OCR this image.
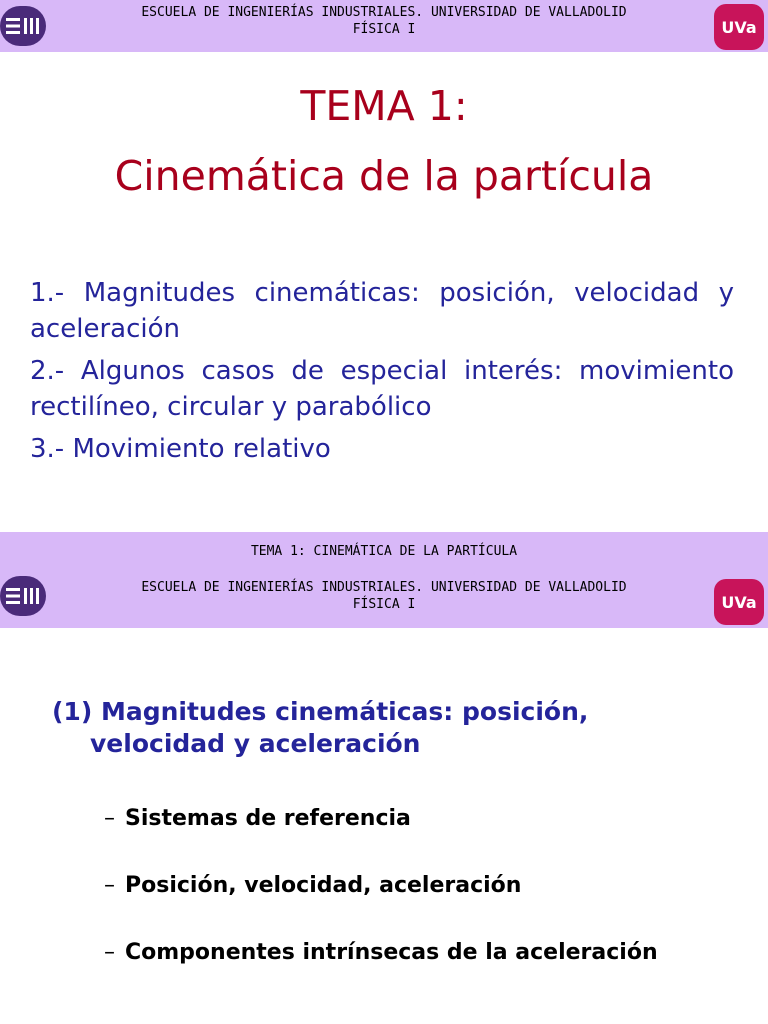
ESCUELA DE INGENIERÍAS INDUSTRIALES. UNIVERSIDAD DE VALLADOLID
FÍSICA I	UVa
TEMA 1:
Cinemática de la partícula
1.- Magnitudes cinemáticas: posición, velocidad y aceleración
2.- Algunos casos de especial interés: movimiento rectilíneo, circular y parabólico
3.- Movimiento relativo
TEMA 1: CINEMÁTICA DE LA PARTÍCULA
ESCUELA DE INGENIERÍAS INDUSTRIALES. UNIVERSIDAD DE VALLADOLID
FÍSICA I	UVa
(1) Magnitudes cinemáticas: posición,
velocidad y aceleración
– Sistemas de referencia
– Posición, velocidad, aceleración
– Componentes intrínsecas de la aceleración
